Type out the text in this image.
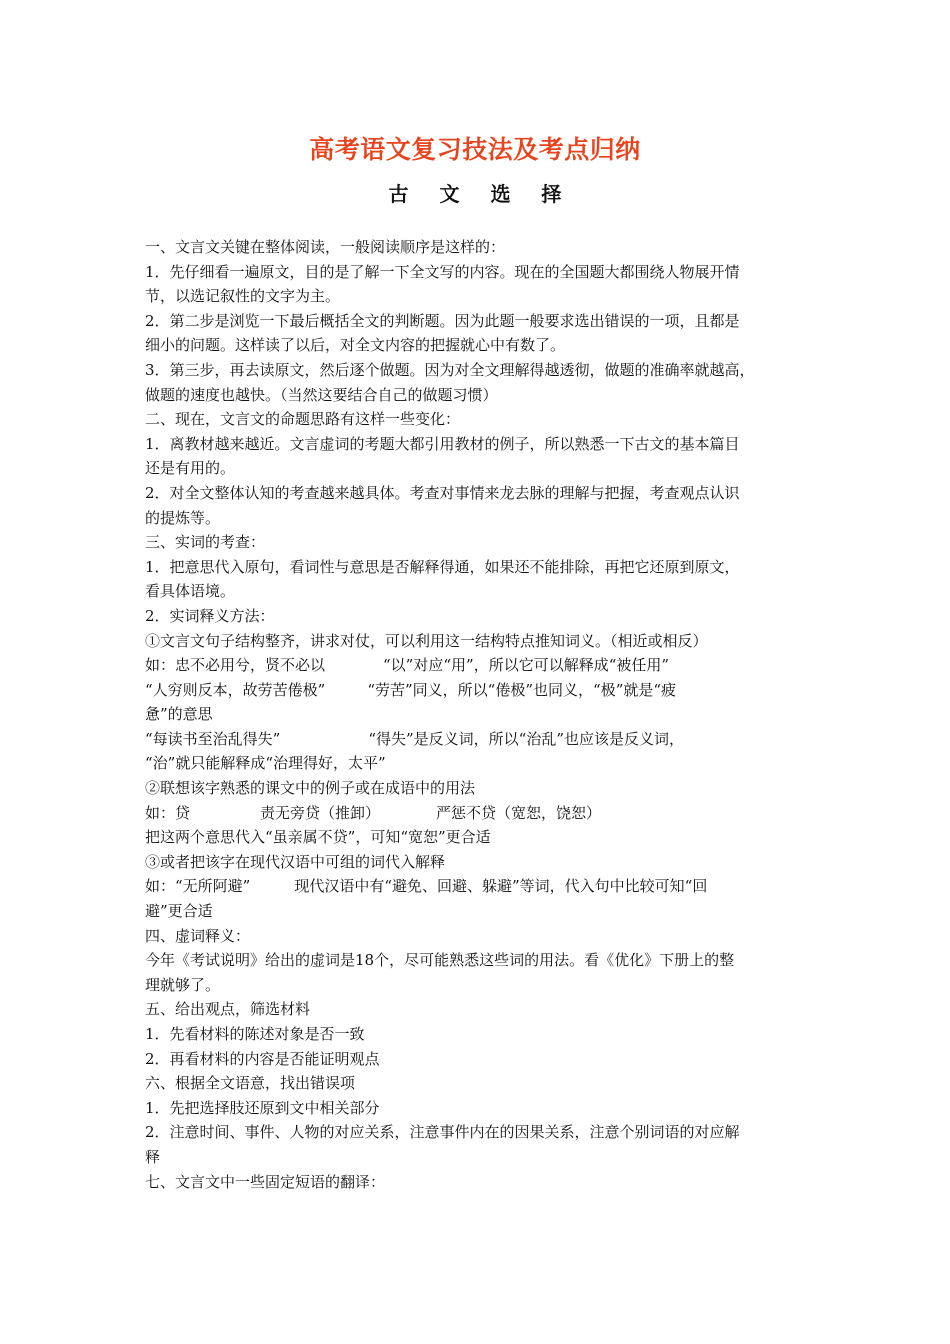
高考语文复习技法及考点归纳
古 文 选 择
一、文言文关键在整体阅读，一般阅读顺序是这样的：
1．先仔细看一遍原文，目的是了解一下全文写的内容。现在的全国题大都围绕人物展开情
节，以选记叙性的文字为主。
2．第二步是浏览一下最后概括全文的判断题。因为此题一般要求选出错误的一项，且都是
细小的问题。这样读了以后，对全文内容的把握就心中有数了。
3．第三步，再去读原文，然后逐个做题。因为对全文理解得越透彻，做题的准确率就越高，
做题的速度也越快。（当然这要结合自己的做题习惯）
二、现在，文言文的命题思路有这样一些变化：
1．离教材越来越近。文言虚词的考题大都引用教材的例子，所以熟悉一下古文的基本篇目
还是有用的。
2．对全文整体认知的考查越来越具体。考查对事情来龙去脉的理解与把握，考查观点认识
的提炼等。
三、实词的考查：
1．把意思代入原句，看词性与意思是否解释得通，如果还不能排除，再把它还原到原文，
看具体语境。
2．实词释义方法：
①文言文句子结构整齐，讲求对仗，可以利用这一结构特点推知词义。（相近或相反）
如：忠不必用兮，贤不必以	“以”对应“用”，所以它可以解释成“被任用”
“人穷则反本，故劳苦倦极”	“劳苦”同义，所以“倦极”也同义，“极”就是“疲
惫”的意思
“每读书至治乱得失”	“得失”是反义词，所以“治乱”也应该是反义词，
“治”就只能解释成“治理得好，太平”
②联想该字熟悉的课文中的例子或在成语中的用法
如：贷	责无旁贷（推卸）	严惩不贷（宽恕，饶恕）
把这两个意思代入“虽亲属不贷”，可知“宽恕”更合适
③或者把该字在现代汉语中可组的词代入解释
如：“无所阿避”	现代汉语中有“避免、回避、躲避”等词，代入句中比较可知“回
避”更合适
四、虚词释义：
今年《考试说明》给出的虚词是18个，尽可能熟悉这些词的用法。看《优化》下册上的整
理就够了。
五、给出观点，筛选材料
1．先看材料的陈述对象是否一致
2．再看材料的内容是否能证明观点
六、根据全文语意，找出错误项
1．先把选择肢还原到文中相关部分
2．注意时间、事件、人物的对应关系，注意事件内在的因果关系，注意个别词语的对应解
释
七、文言文中一些固定短语的翻译：
